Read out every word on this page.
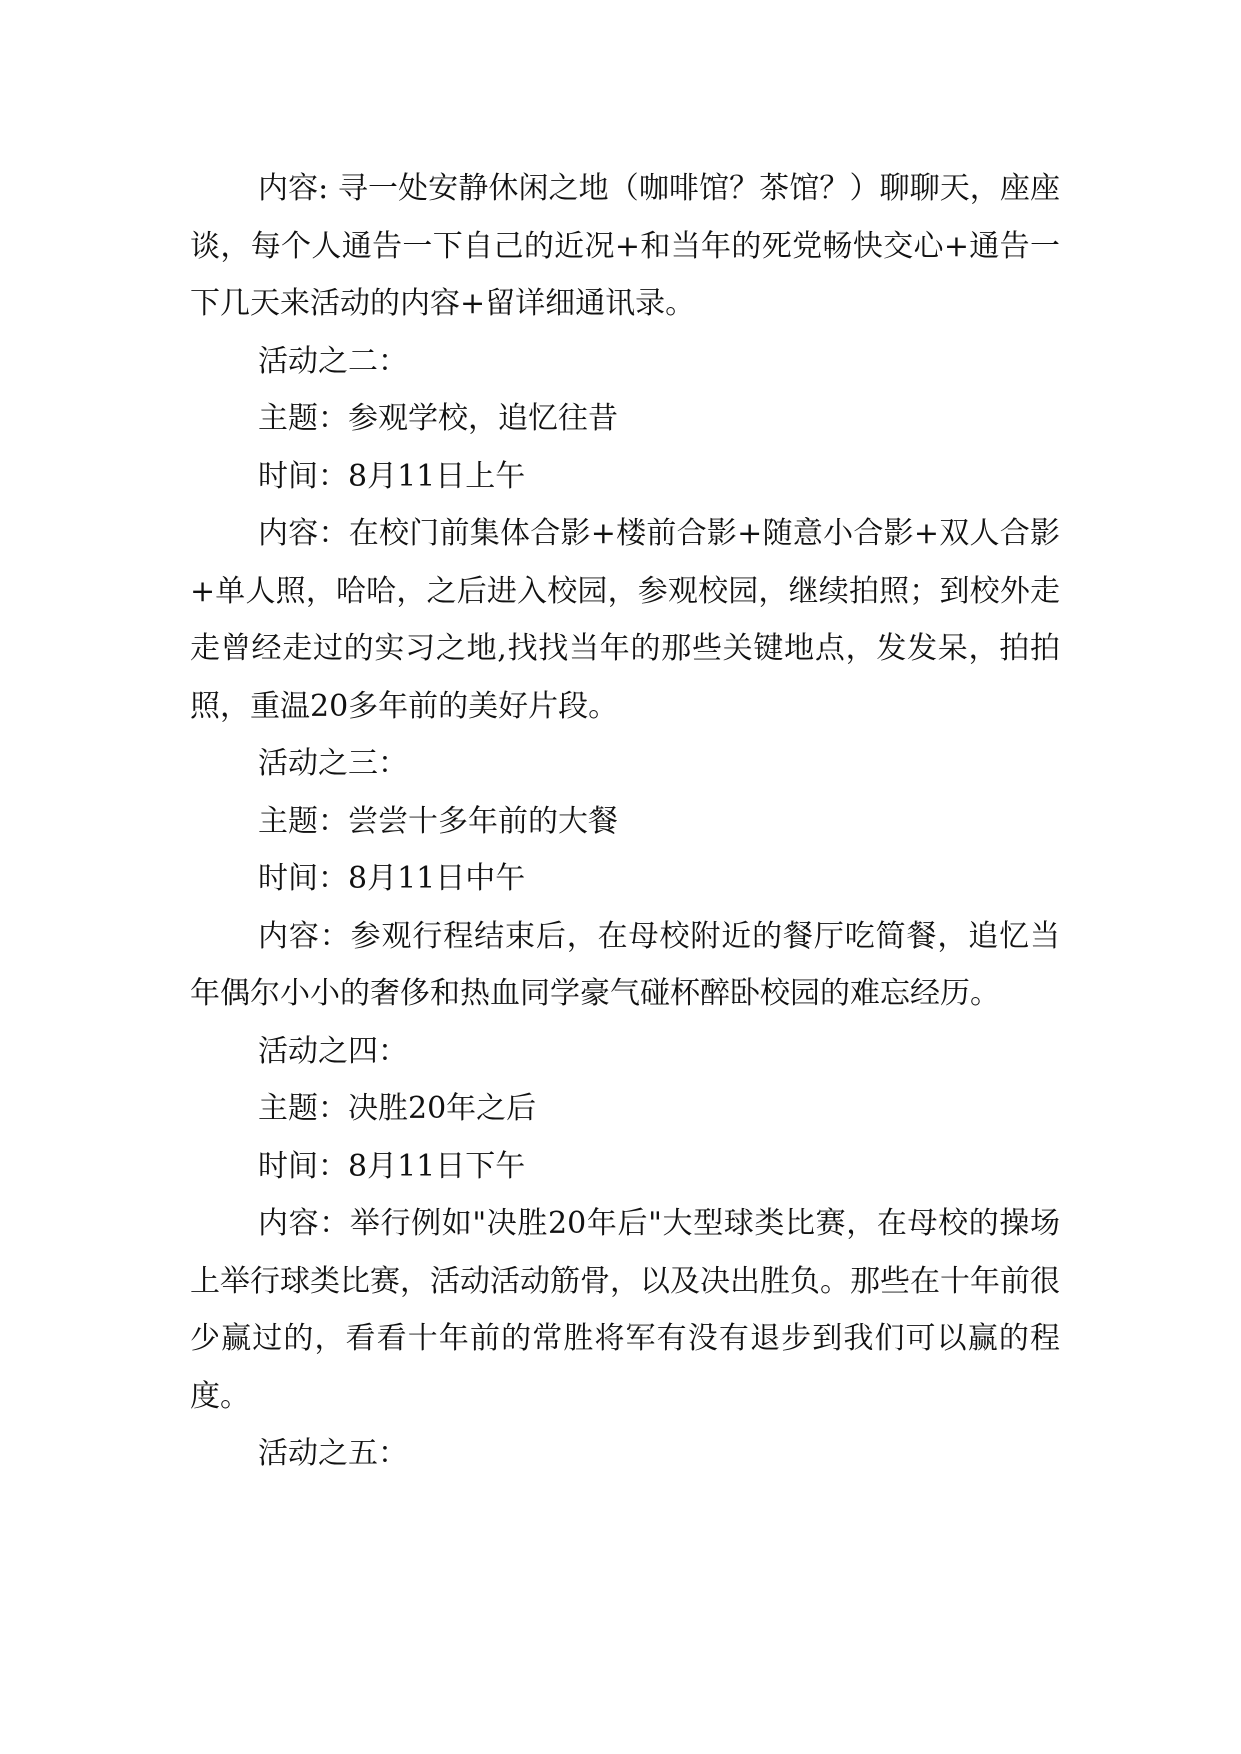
内容: 寻一处安静休闲之地（咖啡馆？茶馆？）聊聊天，座座谈，每个人通告一下自己的近况+和当年的死党畅快交心+通告一下几天来活动的内容+留详细通讯录。

活动之二：

主题：参观学校，追忆往昔

时间：8月11日上午

内容：在校门前集体合影+楼前合影+随意小合影+双人合影+单人照，哈哈，之后进入校园，参观校园，继续拍照；到校外走走曾经走过的实习之地,找找当年的那些关键地点，发发呆，拍拍照，重温20多年前的美好片段。

活动之三：

主题：尝尝十多年前的大餐

时间：8月11日中午

内容：参观行程结束后，在母校附近的餐厅吃简餐，追忆当年偶尔小小的奢侈和热血同学豪气碰杯醉卧校园的难忘经历。

活动之四：

主题：决胜20年之后

时间：8月11日下午

内容：举行例如"决胜20年后"大型球类比赛，在母校的操场上举行球类比赛，活动活动筋骨，以及决出胜负。那些在十年前很少赢过的，看看十年前的常胜将军有没有退步到我们可以赢的程度。

活动之五：
